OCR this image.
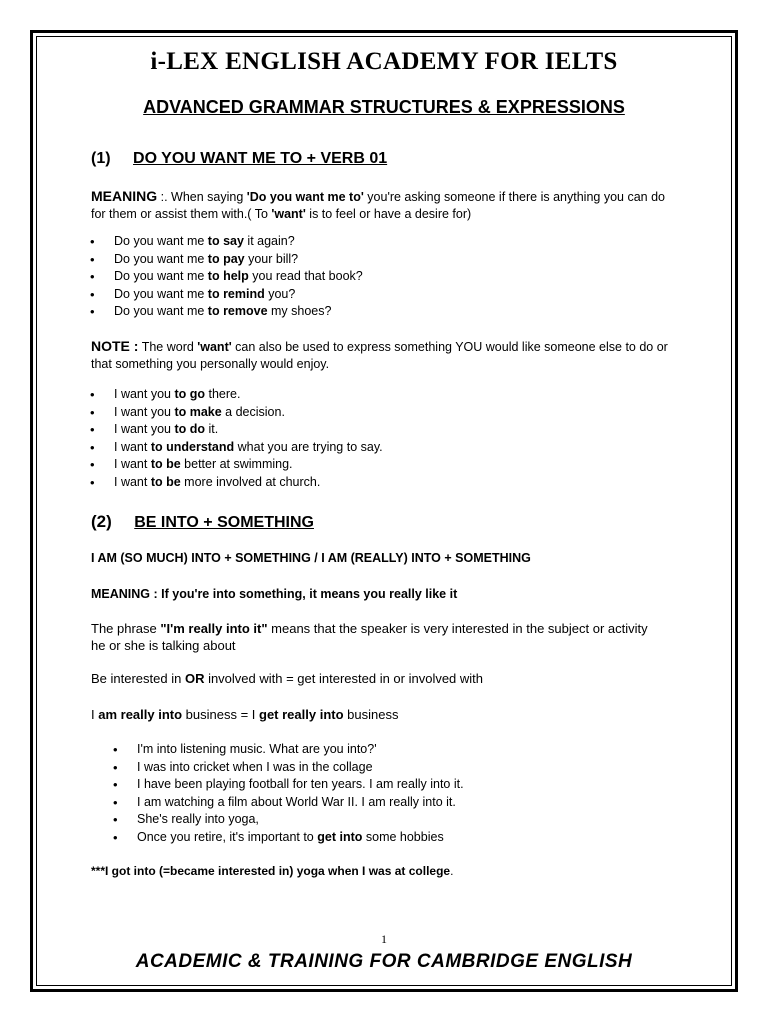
i-LEX ENGLISH ACADEMY FOR IELTS
ADVANCED GRAMMAR STRUCTURES & EXPRESSIONS
(1) DO YOU WANT ME TO + VERB 01
MEANING :. When saying 'Do you want me to' you're asking someone if there is anything you can do for them or assist them with.( To 'want' is to feel or have a desire for)
• Do you want me to say it again?
• Do you want me to pay your bill?
• Do you want me to help you read that book?
• Do you want me to remind you?
• Do you want me to remove my shoes?
NOTE : The word 'want' can also be used to express something YOU would like someone else to do or that something you personally would enjoy.
• I want you to go there.
• I want you to make a decision.
• I want you to do it.
• I want to understand what you are trying to say.
• I want to be better at swimming.
• I want to be more involved at church.
(2) BE INTO + SOMETHING
I AM (SO MUCH) INTO + SOMETHING / I AM (REALLY) INTO + SOMETHING
MEANING : If you're into something, it means you really like it
The phrase "I'm really into it" means that the speaker is very interested in the subject or activity he or she is talking about
Be interested in OR involved with = get interested in or involved with
I am really into business = I get really into business
• I'm into listening music. What are you into?'
• I was into cricket when I was in the collage
• I have been playing football for ten years. I am really into it.
• I am watching a film about World War II. I am really into it.
• She's really into yoga,
• Once you retire, it's important to get into some hobbies
***I got into (=became interested in) yoga when I was at college.
1
ACADEMIC & TRAINING FOR CAMBRIDGE ENGLISH
